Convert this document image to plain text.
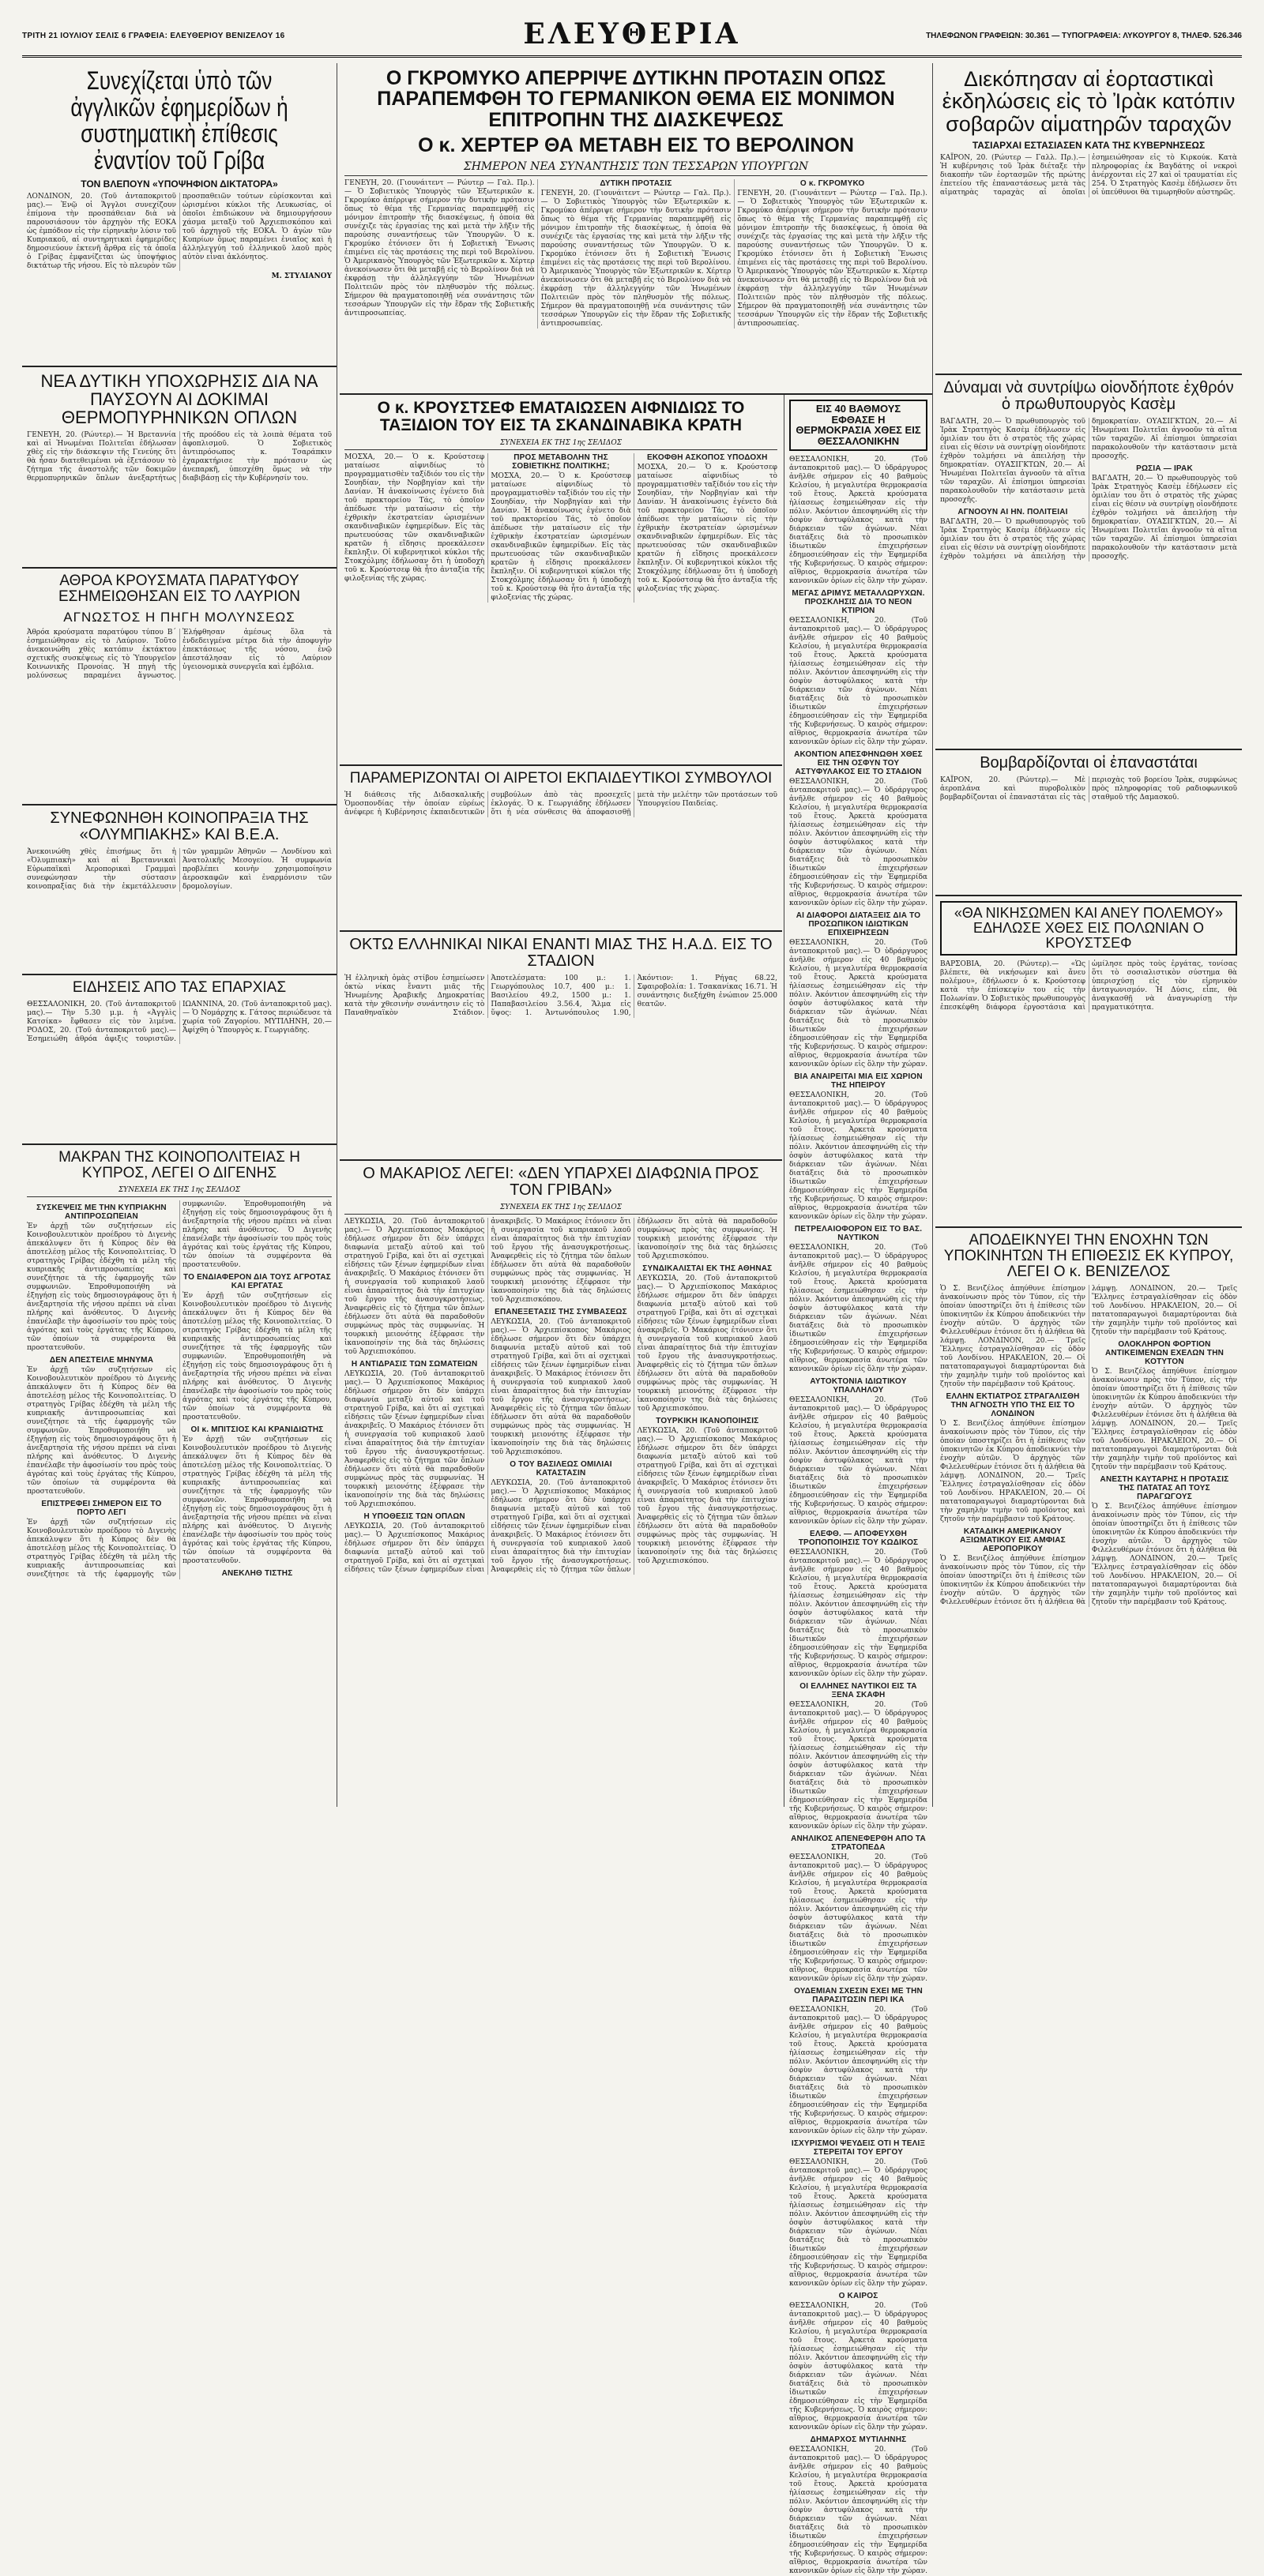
ΤΡΙΤΗ 21 ΙΟΥΛΙΟΥ ΣΕΛΙΣ 6 ΓΡΑΦΕΙΑ: ΕΛΕΥΘΕΡΙΟΥ ΒΕΝΙΖΕΛΟΥ 16	ΕΛΕΥΘΕΡΙΑ	ΤΗΛΕΦΩΝΟΝ ΓΡΑΦΕΙΩΝ: 30.361 — ΤΥΠΟΓΡΑΦΕΙΑ: ΛΥΚΟΥΡΓΟΥ 8, ΤΗΛΕΦ. 526.346
Συνεχίζεται ὑπὸ τῶν ἀγγλικῶν ἐφημερίδων ἡ συστηματικὴ ἐπίθεσις ἐναντίον τοῦ Γρίβα
ΤΟΝ ΒΛΕΠΟΥΝ «ΥΠΟΨΗΦΙΟΝ ΔΙΚΤΑΤΟΡΑ»
ΛΟΝΔΙΝΟΝ, 20. (Τοῦ ἀνταποκριτοῦ μας).— Ἐνῷ οἱ Ἄγγλοι συνεχίζουν ἐπίμονα τὴν προσπάθειαν διὰ νὰ παρουσιάσουν τὸν ἀρχηγὸν τῆς ΕΟΚΑ ὡς ἐμπόδιον εἰς τὴν εἰρηνικὴν λύσιν τοῦ Κυπριακοῦ, αἱ συντηρητικαὶ ἐφημερίδες δημοσιεύουν ἐκτενῆ ἄρθρα εἰς τὰ ὁποῖα ὁ Γρίβας ἐμφανίζεται ὡς ὑποψήφιος δικτάτωρ τῆς νήσου. Εἰς τὸ πλευρὸν τῶν προσπαθειῶν τούτων εὑρίσκονται καὶ ὡρισμένοι κύκλοι τῆς Λευκωσίας, οἱ ὁποῖοι ἐπιδιώκουν νὰ δημιουργήσουν χάσμα μεταξὺ τοῦ Ἀρχιεπισκόπου καὶ τοῦ ἀρχηγοῦ τῆς ΕΟΚΑ. Ὁ ἀγὼν τῶν Κυπρίων ὅμως παραμένει ἑνιαῖος καὶ ἡ ἀλληλεγγύη τοῦ ἑλληνικοῦ λαοῦ πρὸς αὐτὸν εἶναι ἀκλόνητος.
Μ. ΣΤΥΛΙΑΝΟΥ
ΝΕΑ ΔΥΤΙΚΗ ΥΠΟΧΩΡΗΣΙΣ ΔΙΑ ΝΑ ΠΑΥΣΟΥΝ ΑΙ ΔΟΚΙΜΑΙ ΘΕΡΜΟΠΥΡΗΝΙΚΩΝ ΟΠΛΩΝ
ΓΕΝΕΥΗ, 20. (Ρώυτερ).— Ἡ Βρεταννία καὶ αἱ Ἡνωμέναι Πολιτεῖαι ἐδήλωσαν χθὲς εἰς τὴν διάσκεψιν τῆς Γενεύης ὅτι θὰ ἦσαν διατεθειμέναι νὰ ἐξετάσουν τὸ ζήτημα τῆς ἀναστολῆς τῶν δοκιμῶν θερμοπυρηνικῶν ὅπλων ἀνεξαρτήτως τῆς προόδου εἰς τὰ λοιπὰ θέματα τοῦ ἀφοπλισμοῦ. Ὁ Σοβιετικὸς ἀντιπρόσωπος κ. Τσαράπκιν ἐχαρακτήρισε τὴν πρότασιν ὡς ἀνεπαρκῆ, ὑπεσχέθη ὅμως νὰ τὴν διαβιβάσῃ εἰς τὴν Κυβέρνησίν του.
ΑΘΡΟΑ ΚΡΟΥΣΜΑΤΑ ΠΑΡΑΤΥΦΟΥ ΕΣΗΜΕΙΩΘΗΣΑΝ ΕΙΣ ΤΟ ΛΑΥΡΙΟΝ
ΑΓΝΩΣΤΟΣ Η ΠΗΓΗ ΜΟΛΥΝΣΕΩΣ
Ἀθρόα κρούσματα παρατύφου τύπου Β΄ ἐσημειώθησαν εἰς τὸ Λαύριον. Τοῦτο ἀνεκοινώθη χθὲς κατόπιν ἐκτάκτου σχετικῆς συσκέψεως εἰς τὸ Ὑπουργεῖον Κοινωνικῆς Προνοίας. Ἡ πηγὴ τῆς μολύνσεως παραμένει ἄγνωστος. Ἐλήφθησαν ἀμέσως ὅλα τὰ ἐνδεδειγμένα μέτρα διὰ τὴν ἀποφυγὴν ἐπεκτάσεως τῆς νόσου, ἐνῷ ἀπεστάλησαν εἰς τὸ Λαύριον ὑγειονομικὰ συνεργεῖα καὶ ἐμβόλια.
ΣΥΝΕΦΩΝΗΘΗ ΚΟΙΝΟΠΡΑΞΙΑ ΤΗΣ «ΟΛΥΜΠΙΑΚΗΣ» ΚΑΙ Β.Ε.Α.
Ἀνεκοινώθη χθὲς ἐπισήμως ὅτι ἡ «Ὀλυμπιακὴ» καὶ αἱ Βρεταννικαὶ Εὐρωπαϊκαὶ Ἀεροπορικαὶ Γραμμαὶ συνεφώνησαν τὴν σύστασιν κοινοπραξίας διὰ τὴν ἐκμετάλλευσιν τῶν γραμμῶν Ἀθηνῶν — Λονδίνου καὶ Ἀνατολικῆς Μεσογείου. Ἡ συμφωνία προβλέπει κοινὴν χρησιμοποίησιν ἀεροσκαφῶν καὶ ἐναρμόνισιν τῶν δρομολογίων.
ΕΙΔΗΣΕΙΣ ΑΠΟ ΤΑΣ ΕΠΑΡΧΙΑΣ
ΘΕΣΣΑΛΟΝΙΚΗ, 20. (Τοῦ ἀνταποκριτοῦ μας).— Τὴν 5.30 μ.μ. ἡ «Ἀγγλὶς Κατσίκα» ἔφθασεν εἰς τὸν λιμένα. ΡΟΔΟΣ, 20. (Τοῦ ἀνταποκριτοῦ μας).— Ἐσημειώθη ἀθρόα ἀφιξις τουριστῶν. ΙΩΑΝΝΙΝΑ, 20. (Τοῦ ἀνταποκριτοῦ μας).— Ὁ Νομάρχης κ. Γάτσος περιώδευσε τὰ χωρία τοῦ Ζαγορίου. ΜΥΤΙΛΗΝΗ, 20.— Ἀφίχθη ὁ Ὑπουργὸς κ. Γεωργιάδης.
ΜΑΚΡΑΝ ΤΗΣ ΚΟΙΝΟΠΟΛΙΤΕΙΑΣ Η ΚΥΠΡΟΣ, ΛΕΓΕΙ Ο ΔΙΓΕΝΗΣ
ΣΥΝΕΧΕΙΑ ΕΚ ΤΗΣ 1ης ΣΕΛΙΔΟΣ
ΣΥΣΚΕΨΕΙΣ ΜΕ ΤΗΝ ΚΥΠΡΙΑΚΗΝ ΑΝΤΙΠΡΟΣΩΠΕΙΑΝ
Ἐν ἀρχῇ τῶν συζητήσεων εἰς Κοινοβουλευτικὸν προέδρου τὸ Διγενὴς ἀπεκάλυψεν ὅτι ἡ Κύπρος δὲν θὰ ἀποτελέσῃ μέλος τῆς Κοινοπολιτείας. Ὁ στρατηγὸς Γρίβας ἐδέχθη τὰ μέλη τῆς κυπριακῆς ἀντιπροσωπείας καὶ συνεζήτησε τὰ τῆς ἐφαρμογῆς τῶν συμφωνιῶν. Ἐπροθυμοποιήθη νὰ ἐξηγήσῃ εἰς τοὺς δημοσιογράφους ὅτι ἡ ἀνεξαρτησία τῆς νήσου πρέπει νὰ εἶναι πλήρης καὶ ἀνόθευτος. Ὁ Διγενὴς ἐπανέλαβε τὴν ἀφοσίωσίν του πρὸς τοὺς ἀγρότας καὶ τοὺς ἐργάτας τῆς Κύπρου, τῶν ὁποίων τὰ συμφέροντα θὰ προστατευθοῦν.
ΔΕΝ ΑΠΕΣΤΕΙΛΕ ΜΗΝΥΜΑ
Ἐν ἀρχῇ τῶν συζητήσεων εἰς Κοινοβουλευτικὸν προέδρου τὸ Διγενὴς ἀπεκάλυψεν ὅτι ἡ Κύπρος δὲν θὰ ἀποτελέσῃ μέλος τῆς Κοινοπολιτείας. Ὁ στρατηγὸς Γρίβας ἐδέχθη τὰ μέλη τῆς κυπριακῆς ἀντιπροσωπείας καὶ συνεζήτησε τὰ τῆς ἐφαρμογῆς τῶν συμφωνιῶν. Ἐπροθυμοποιήθη νὰ ἐξηγήσῃ εἰς τοὺς δημοσιογράφους ὅτι ἡ ἀνεξαρτησία τῆς νήσου πρέπει νὰ εἶναι πλήρης καὶ ἀνόθευτος. Ὁ Διγενὴς ἐπανέλαβε τὴν ἀφοσίωσίν του πρὸς τοὺς ἀγρότας καὶ τοὺς ἐργάτας τῆς Κύπρου, τῶν ὁποίων τὰ συμφέροντα θὰ προστατευθοῦν.
ΕΠΙΣΤΡΕΦΕΙ ΣΗΜΕΡΟΝ ΕΙΣ ΤΟ ΠΟΡΤΟ ΛΕΓΙ
Ἐν ἀρχῇ τῶν συζητήσεων εἰς Κοινοβουλευτικὸν προέδρου τὸ Διγενὴς ἀπεκάλυψεν ὅτι ἡ Κύπρος δὲν θὰ ἀποτελέσῃ μέλος τῆς Κοινοπολιτείας. Ὁ στρατηγὸς Γρίβας ἐδέχθη τὰ μέλη τῆς κυπριακῆς ἀντιπροσωπείας καὶ συνεζήτησε τὰ τῆς ἐφαρμογῆς τῶν συμφωνιῶν. Ἐπροθυμοποιήθη νὰ ἐξηγήσῃ εἰς τοὺς δημοσιογράφους ὅτι ἡ ἀνεξαρτησία τῆς νήσου πρέπει νὰ εἶναι πλήρης καὶ ἀνόθευτος. Ὁ Διγενὴς ἐπανέλαβε τὴν ἀφοσίωσίν του πρὸς τοὺς ἀγρότας καὶ τοὺς ἐργάτας τῆς Κύπρου, τῶν ὁποίων τὰ συμφέροντα θὰ προστατευθοῦν.
ΤΟ ΕΝΔΙΑΦΕΡΟΝ ΔΙΑ ΤΟΥΣ ΑΓΡΟΤΑΣ ΚΑΙ ΕΡΓΑΤΑΣ
Ἐν ἀρχῇ τῶν συζητήσεων εἰς Κοινοβουλευτικὸν προέδρου τὸ Διγενὴς ἀπεκάλυψεν ὅτι ἡ Κύπρος δὲν θὰ ἀποτελέσῃ μέλος τῆς Κοινοπολιτείας. Ὁ στρατηγὸς Γρίβας ἐδέχθη τὰ μέλη τῆς κυπριακῆς ἀντιπροσωπείας καὶ συνεζήτησε τὰ τῆς ἐφαρμογῆς τῶν συμφωνιῶν. Ἐπροθυμοποιήθη νὰ ἐξηγήσῃ εἰς τοὺς δημοσιογράφους ὅτι ἡ ἀνεξαρτησία τῆς νήσου πρέπει νὰ εἶναι πλήρης καὶ ἀνόθευτος. Ὁ Διγενὴς ἐπανέλαβε τὴν ἀφοσίωσίν του πρὸς τοὺς ἀγρότας καὶ τοὺς ἐργάτας τῆς Κύπρου, τῶν ὁποίων τὰ συμφέροντα θὰ προστατευθοῦν.
ΟΙ κ. ΜΠΙΤΣΙΟΣ ΚΑΙ ΚΡΑΝΙΔΙΩΤΗΣ
Ἐν ἀρχῇ τῶν συζητήσεων εἰς Κοινοβουλευτικὸν προέδρου τὸ Διγενὴς ἀπεκάλυψεν ὅτι ἡ Κύπρος δὲν θὰ ἀποτελέσῃ μέλος τῆς Κοινοπολιτείας. Ὁ στρατηγὸς Γρίβας ἐδέχθη τὰ μέλη τῆς κυπριακῆς ἀντιπροσωπείας καὶ συνεζήτησε τὰ τῆς ἐφαρμογῆς τῶν συμφωνιῶν. Ἐπροθυμοποιήθη νὰ ἐξηγήσῃ εἰς τοὺς δημοσιογράφους ὅτι ἡ ἀνεξαρτησία τῆς νήσου πρέπει νὰ εἶναι πλήρης καὶ ἀνόθευτος. Ὁ Διγενὴς ἐπανέλαβε τὴν ἀφοσίωσίν του πρὸς τοὺς ἀγρότας καὶ τοὺς ἐργάτας τῆς Κύπρου, τῶν ὁποίων τὰ συμφέροντα θὰ προστατευθοῦν.
ΑΝΕΚΛΗΘ ΤΙΣΤΗΣ
Ο ΓΚΡΟΜΥΚΟ ΑΠΕΡΡΙΨΕ ΔΥΤΙΚΗΝ ΠΡΟΤΑΣΙΝ ΟΠΩΣ ΠΑΡΑΠΕΜΦΘΗ ΤΟ ΓΕΡΜΑΝΙΚΟΝ ΘΕΜΑ ΕΙΣ ΜΟΝΙΜΟΝ ΕΠΙΤΡΟΠΗΝ ΤΗΣ ΔΙΑΣΚΕΨΕΩΣ
Ο κ. ΧΕΡΤΕΡ ΘΑ ΜΕΤΑΒΗ ΕΙΣ ΤΟ ΒΕΡΟΛΙΝΟΝ
ΣΗΜΕΡΟΝ ΝΕΑ ΣΥΝΑΝΤΗΣΙΣ ΤΩΝ ΤΕΣΣΑΡΩΝ ΥΠΟΥΡΓΩΝ
ΓΕΝΕΥΗ, 20. (Γιουνάιτεντ — Ρώυτερ — Γαλ. Πρ.).— Ὁ Σοβιετικὸς Ὑπουργὸς τῶν Ἐξωτερικῶν κ. Γκρομύκο ἀπέρριψε σήμερον τὴν δυτικὴν πρότασιν ὅπως τὸ θέμα τῆς Γερμανίας παραπεμφθῇ εἰς μόνιμον ἐπιτροπὴν τῆς διασκέψεως, ἡ ὁποία θὰ συνέχιζε τὰς ἐργασίας της καὶ μετὰ τὴν λῆξιν τῆς παρούσης συναντήσεως τῶν Ὑπουργῶν. Ὁ κ. Γκρομύκο ἐτόνισεν ὅτι ἡ Σοβιετικὴ Ἕνωσις ἐπιμένει εἰς τὰς προτάσεις της περὶ τοῦ Βερολίνου. Ὁ Ἀμερικανὸς Ὑπουργὸς τῶν Ἐξωτερικῶν κ. Χέρτερ ἀνεκοίνωσεν ὅτι θὰ μεταβῇ εἰς τὸ Βερολίνον διὰ νὰ ἐκφράσῃ τὴν ἀλληλεγγύην τῶν Ἡνωμένων Πολιτειῶν πρὸς τὸν πληθυσμὸν τῆς πόλεως. Σήμερον θὰ πραγματοποιηθῇ νέα συνάντησις τῶν τεσσάρων Ὑπουργῶν εἰς τὴν ἕδραν τῆς Σοβιετικῆς ἀντιπροσωπείας.
ΔΥΤΙΚΗ ΠΡΟΤΑΣΙΣ
ΓΕΝΕΥΗ, 20. (Γιουνάιτεντ — Ρώυτερ — Γαλ. Πρ.).— Ὁ Σοβιετικὸς Ὑπουργὸς τῶν Ἐξωτερικῶν κ. Γκρομύκο ἀπέρριψε σήμερον τὴν δυτικὴν πρότασιν ὅπως τὸ θέμα τῆς Γερμανίας παραπεμφθῇ εἰς μόνιμον ἐπιτροπὴν τῆς διασκέψεως, ἡ ὁποία θὰ συνέχιζε τὰς ἐργασίας της καὶ μετὰ τὴν λῆξιν τῆς παρούσης συναντήσεως τῶν Ὑπουργῶν. Ὁ κ. Γκρομύκο ἐτόνισεν ὅτι ἡ Σοβιετικὴ Ἕνωσις ἐπιμένει εἰς τὰς προτάσεις της περὶ τοῦ Βερολίνου. Ὁ Ἀμερικανὸς Ὑπουργὸς τῶν Ἐξωτερικῶν κ. Χέρτερ ἀνεκοίνωσεν ὅτι θὰ μεταβῇ εἰς τὸ Βερολίνον διὰ νὰ ἐκφράσῃ τὴν ἀλληλεγγύην τῶν Ἡνωμένων Πολιτειῶν πρὸς τὸν πληθυσμὸν τῆς πόλεως. Σήμερον θὰ πραγματοποιηθῇ νέα συνάντησις τῶν τεσσάρων Ὑπουργῶν εἰς τὴν ἕδραν τῆς Σοβιετικῆς ἀντιπροσωπείας.
Ο κ. ΓΚΡΟΜΥΚΟ
ΓΕΝΕΥΗ, 20. (Γιουνάιτεντ — Ρώυτερ — Γαλ. Πρ.).— Ὁ Σοβιετικὸς Ὑπουργὸς τῶν Ἐξωτερικῶν κ. Γκρομύκο ἀπέρριψε σήμερον τὴν δυτικὴν πρότασιν ὅπως τὸ θέμα τῆς Γερμανίας παραπεμφθῇ εἰς μόνιμον ἐπιτροπὴν τῆς διασκέψεως, ἡ ὁποία θὰ συνέχιζε τὰς ἐργασίας της καὶ μετὰ τὴν λῆξιν τῆς παρούσης συναντήσεως τῶν Ὑπουργῶν. Ὁ κ. Γκρομύκο ἐτόνισεν ὅτι ἡ Σοβιετικὴ Ἕνωσις ἐπιμένει εἰς τὰς προτάσεις της περὶ τοῦ Βερολίνου. Ὁ Ἀμερικανὸς Ὑπουργὸς τῶν Ἐξωτερικῶν κ. Χέρτερ ἀνεκοίνωσεν ὅτι θὰ μεταβῇ εἰς τὸ Βερολίνον διὰ νὰ ἐκφράσῃ τὴν ἀλληλεγγύην τῶν Ἡνωμένων Πολιτειῶν πρὸς τὸν πληθυσμὸν τῆς πόλεως. Σήμερον θὰ πραγματοποιηθῇ νέα συνάντησις τῶν τεσσάρων Ὑπουργῶν εἰς τὴν ἕδραν τῆς Σοβιετικῆς ἀντιπροσωπείας.
Ο κ. ΚΡΟΥΣΤΣΕΦ ΕΜΑΤΑΙΩΣΕΝ ΑΙΦΝΙΔΙΩΣ ΤΟ ΤΑΞΙΔΙΟΝ ΤΟΥ ΕΙΣ ΤΑ ΣΚΑΝΔΙΝΑΒΙΚΑ ΚΡΑΤΗ
ΣΥΝΕΧΕΙΑ ΕΚ ΤΗΣ 1ης ΣΕΛΙΔΟΣ
ΜΟΣΧΑ, 20.— Ὁ κ. Κρούστσεφ ματαίωσε αἰφνιδίως τὸ προγραμματισθὲν ταξίδιόν του εἰς τὴν Σουηδίαν, τὴν Νορβηγίαν καὶ τὴν Δανίαν. Ἡ ἀνακοίνωσις ἐγένετο διὰ τοῦ πρακτορείου Τάς, τὸ ὁποῖον ἀπέδωσε τὴν ματαίωσιν εἰς τὴν ἐχθρικὴν ἐκστρατείαν ὡρισμένων σκανδιναβικῶν ἐφημερίδων. Εἰς τὰς πρωτευούσας τῶν σκανδιναβικῶν κρατῶν ἡ εἴδησις προεκάλεσεν ἔκπληξιν. Οἱ κυβερνητικοὶ κύκλοι τῆς Στοκχόλμης ἐδήλωσαν ὅτι ἡ ὑποδοχὴ τοῦ κ. Κρούστσεφ θὰ ἦτο ἀνταξία τῆς φιλοξενίας τῆς χώρας.
ΠΡΟΣ ΜΕΤΑΒΟΛΗΝ ΤΗΣ ΣΟΒΙΕΤΙΚΗΣ ΠΟΛΙΤΙΚΗΣ;
ΜΟΣΧΑ, 20.— Ὁ κ. Κρούστσεφ ματαίωσε αἰφνιδίως τὸ προγραμματισθὲν ταξίδιόν του εἰς τὴν Σουηδίαν, τὴν Νορβηγίαν καὶ τὴν Δανίαν. Ἡ ἀνακοίνωσις ἐγένετο διὰ τοῦ πρακτορείου Τάς, τὸ ὁποῖον ἀπέδωσε τὴν ματαίωσιν εἰς τὴν ἐχθρικὴν ἐκστρατείαν ὡρισμένων σκανδιναβικῶν ἐφημερίδων. Εἰς τὰς πρωτευούσας τῶν σκανδιναβικῶν κρατῶν ἡ εἴδησις προεκάλεσεν ἔκπληξιν. Οἱ κυβερνητικοὶ κύκλοι τῆς Στοκχόλμης ἐδήλωσαν ὅτι ἡ ὑποδοχὴ τοῦ κ. Κρούστσεφ θὰ ἦτο ἀνταξία τῆς φιλοξενίας τῆς χώρας.
ΕΚΟΦΘΗ ΑΣΚΟΠΟΣ ΥΠΟΔΟΧΗ
ΜΟΣΧΑ, 20.— Ὁ κ. Κρούστσεφ ματαίωσε αἰφνιδίως τὸ προγραμματισθὲν ταξίδιόν του εἰς τὴν Σουηδίαν, τὴν Νορβηγίαν καὶ τὴν Δανίαν. Ἡ ἀνακοίνωσις ἐγένετο διὰ τοῦ πρακτορείου Τάς, τὸ ὁποῖον ἀπέδωσε τὴν ματαίωσιν εἰς τὴν ἐχθρικὴν ἐκστρατείαν ὡρισμένων σκανδιναβικῶν ἐφημερίδων. Εἰς τὰς πρωτευούσας τῶν σκανδιναβικῶν κρατῶν ἡ εἴδησις προεκάλεσεν ἔκπληξιν. Οἱ κυβερνητικοὶ κύκλοι τῆς Στοκχόλμης ἐδήλωσαν ὅτι ἡ ὑποδοχὴ τοῦ κ. Κρούστσεφ θὰ ἦτο ἀνταξία τῆς φιλοξενίας τῆς χώρας.
ΠΑΡΑΜΕΡΙΖΟΝΤΑΙ ΟΙ ΑΙΡΕΤΟΙ ΕΚΠΑΙΔΕΥΤΙΚΟΙ ΣΥΜΒΟΥΛΟΙ
Ἡ διάθεσις τῆς Διδασκαλικῆς Ὁμοσπονδίας τὴν ὁποίαν εὐρέως ἀνέφερε ἡ Κυβέρνησις ἐκπαιδευτικῶν συμβούλων ἀπὸ τὰς προσεχεῖς ἐκλογάς. Ὁ κ. Γεωργιάδης ἐδήλωσεν ὅτι ἡ νέα σύνθεσις θὰ ἀποφασισθῇ μετὰ τὴν μελέτην τῶν προτάσεων τοῦ Ὑπουργείου Παιδείας.
ΟΚΤΩ ΕΛΛΗΝΙΚΑΙ ΝΙΚΑΙ ΕΝΑΝΤΙ ΜΙΑΣ ΤΗΣ Η.Α.Δ. ΕΙΣ ΤΟ ΣΤΑΔΙΟΝ
Ἡ ἑλληνικὴ ὁμὰς στίβου ἐσημείωσεν ὀκτὼ νίκας ἔναντι μιᾶς τῆς Ἡνωμένης Ἀραβικῆς Δημοκρατίας κατὰ τὴν χθεσινὴν συνάντησιν εἰς τὸ Παναθηναϊκὸν Στάδιον. Ἀποτελέσματα: 100 μ.: 1. Γεωργόπουλος 10.7, 400 μ.: 1. Βασιλείου 49.2, 1500 μ.: 1. Παπαβασιλείου 3.56.4, Ἅλμα εἰς ὕψος: 1. Ἀντωνόπουλος 1.90, Ἀκόντιον: 1. Ρήγας 68.22, Σφαιροβολία: 1. Τσακανίκας 16.71. Ἡ συνάντησις διεξήχθη ἐνώπιον 25.000 θεατῶν.
Ο ΜΑΚΑΡΙΟΣ ΛΕΓΕΙ: «ΔΕΝ ΥΠΑΡΧΕΙ ΔΙΑΦΩΝΙΑ ΠΡΟΣ ΤΟΝ ΓΡΙΒΑΝ»
ΣΥΝΕΧΕΙΑ ΕΚ ΤΗΣ 1ης ΣΕΛΙΔΟΣ
ΛΕΥΚΩΣΙΑ, 20. (Τοῦ ἀνταποκριτοῦ μας).— Ὁ Ἀρχιεπίσκοπος Μακάριος ἐδήλωσε σήμερον ὅτι δὲν ὑπάρχει διαφωνία μεταξὺ αὐτοῦ καὶ τοῦ στρατηγοῦ Γρίβα, καὶ ὅτι αἱ σχετικαὶ εἰδήσεις τῶν ξένων ἐφημερίδων εἶναι ἀνακριβεῖς. Ὁ Μακάριος ἐτόνισεν ὅτι ἡ συνεργασία τοῦ κυπριακοῦ λαοῦ εἶναι ἀπαραίτητος διὰ τὴν ἐπιτυχίαν τοῦ ἔργου τῆς ἀνασυγκροτήσεως. Ἀναφερθεὶς εἰς τὸ ζήτημα τῶν ὅπλων ἐδήλωσεν ὅτι αὐτὰ θὰ παραδοθοῦν συμφώνως πρὸς τὰς συμφωνίας. Ἡ τουρκικὴ μειονότης ἐξέφρασε τὴν ἱκανοποίησίν της διὰ τὰς δηλώσεις τοῦ Ἀρχιεπισκόπου.
Η ΑΝΤΙΔΡΑΣΙΣ ΤΩΝ ΣΩΜΑΤΕΙΩΝ
ΛΕΥΚΩΣΙΑ, 20. (Τοῦ ἀνταποκριτοῦ μας).— Ὁ Ἀρχιεπίσκοπος Μακάριος ἐδήλωσε σήμερον ὅτι δὲν ὑπάρχει διαφωνία μεταξὺ αὐτοῦ καὶ τοῦ στρατηγοῦ Γρίβα, καὶ ὅτι αἱ σχετικαὶ εἰδήσεις τῶν ξένων ἐφημερίδων εἶναι ἀνακριβεῖς. Ὁ Μακάριος ἐτόνισεν ὅτι ἡ συνεργασία τοῦ κυπριακοῦ λαοῦ εἶναι ἀπαραίτητος διὰ τὴν ἐπιτυχίαν τοῦ ἔργου τῆς ἀνασυγκροτήσεως. Ἀναφερθεὶς εἰς τὸ ζήτημα τῶν ὅπλων ἐδήλωσεν ὅτι αὐτὰ θὰ παραδοθοῦν συμφώνως πρὸς τὰς συμφωνίας. Ἡ τουρκικὴ μειονότης ἐξέφρασε τὴν ἱκανοποίησίν της διὰ τὰς δηλώσεις τοῦ Ἀρχιεπισκόπου.
Η ΥΠΟΘΕΣΙΣ ΤΩΝ ΟΠΛΩΝ
ΛΕΥΚΩΣΙΑ, 20. (Τοῦ ἀνταποκριτοῦ μας).— Ὁ Ἀρχιεπίσκοπος Μακάριος ἐδήλωσε σήμερον ὅτι δὲν ὑπάρχει διαφωνία μεταξὺ αὐτοῦ καὶ τοῦ στρατηγοῦ Γρίβα, καὶ ὅτι αἱ σχετικαὶ εἰδήσεις τῶν ξένων ἐφημερίδων εἶναι ἀνακριβεῖς. Ὁ Μακάριος ἐτόνισεν ὅτι ἡ συνεργασία τοῦ κυπριακοῦ λαοῦ εἶναι ἀπαραίτητος διὰ τὴν ἐπιτυχίαν τοῦ ἔργου τῆς ἀνασυγκροτήσεως. Ἀναφερθεὶς εἰς τὸ ζήτημα τῶν ὅπλων ἐδήλωσεν ὅτι αὐτὰ θὰ παραδοθοῦν συμφώνως πρὸς τὰς συμφωνίας. Ἡ τουρκικὴ μειονότης ἐξέφρασε τὴν ἱκανοποίησίν της διὰ τὰς δηλώσεις τοῦ Ἀρχιεπισκόπου.
ΕΠΑΝΕΞΕΤΑΣΙΣ ΤΗΣ ΣΥΜΒΑΣΕΩΣ
ΛΕΥΚΩΣΙΑ, 20. (Τοῦ ἀνταποκριτοῦ μας).— Ὁ Ἀρχιεπίσκοπος Μακάριος ἐδήλωσε σήμερον ὅτι δὲν ὑπάρχει διαφωνία μεταξὺ αὐτοῦ καὶ τοῦ στρατηγοῦ Γρίβα, καὶ ὅτι αἱ σχετικαὶ εἰδήσεις τῶν ξένων ἐφημερίδων εἶναι ἀνακριβεῖς. Ὁ Μακάριος ἐτόνισεν ὅτι ἡ συνεργασία τοῦ κυπριακοῦ λαοῦ εἶναι ἀπαραίτητος διὰ τὴν ἐπιτυχίαν τοῦ ἔργου τῆς ἀνασυγκροτήσεως. Ἀναφερθεὶς εἰς τὸ ζήτημα τῶν ὅπλων ἐδήλωσεν ὅτι αὐτὰ θὰ παραδοθοῦν συμφώνως πρὸς τὰς συμφωνίας. Ἡ τουρκικὴ μειονότης ἐξέφρασε τὴν ἱκανοποίησίν της διὰ τὰς δηλώσεις τοῦ Ἀρχιεπισκόπου.
Ο ΤΟΥ ΒΑΣΙΛΕΩΣ ΟΜΙΛΙΑΙ ΚΑΤΑΣΤΑΣΙΝ
ΛΕΥΚΩΣΙΑ, 20. (Τοῦ ἀνταποκριτοῦ μας).— Ὁ Ἀρχιεπίσκοπος Μακάριος ἐδήλωσε σήμερον ὅτι δὲν ὑπάρχει διαφωνία μεταξὺ αὐτοῦ καὶ τοῦ στρατηγοῦ Γρίβα, καὶ ὅτι αἱ σχετικαὶ εἰδήσεις τῶν ξένων ἐφημερίδων εἶναι ἀνακριβεῖς. Ὁ Μακάριος ἐτόνισεν ὅτι ἡ συνεργασία τοῦ κυπριακοῦ λαοῦ εἶναι ἀπαραίτητος διὰ τὴν ἐπιτυχίαν τοῦ ἔργου τῆς ἀνασυγκροτήσεως. Ἀναφερθεὶς εἰς τὸ ζήτημα τῶν ὅπλων ἐδήλωσεν ὅτι αὐτὰ θὰ παραδοθοῦν συμφώνως πρὸς τὰς συμφωνίας. Ἡ τουρκικὴ μειονότης ἐξέφρασε τὴν ἱκανοποίησίν της διὰ τὰς δηλώσεις τοῦ Ἀρχιεπισκόπου.
ΣΥΝΔΙΚΑΛΙΣΤΑΙ ΕΚ ΤΗΣ ΑΘΗΝΑΣ
ΛΕΥΚΩΣΙΑ, 20. (Τοῦ ἀνταποκριτοῦ μας).— Ὁ Ἀρχιεπίσκοπος Μακάριος ἐδήλωσε σήμερον ὅτι δὲν ὑπάρχει διαφωνία μεταξὺ αὐτοῦ καὶ τοῦ στρατηγοῦ Γρίβα, καὶ ὅτι αἱ σχετικαὶ εἰδήσεις τῶν ξένων ἐφημερίδων εἶναι ἀνακριβεῖς. Ὁ Μακάριος ἐτόνισεν ὅτι ἡ συνεργασία τοῦ κυπριακοῦ λαοῦ εἶναι ἀπαραίτητος διὰ τὴν ἐπιτυχίαν τοῦ ἔργου τῆς ἀνασυγκροτήσεως. Ἀναφερθεὶς εἰς τὸ ζήτημα τῶν ὅπλων ἐδήλωσεν ὅτι αὐτὰ θὰ παραδοθοῦν συμφώνως πρὸς τὰς συμφωνίας. Ἡ τουρκικὴ μειονότης ἐξέφρασε τὴν ἱκανοποίησίν της διὰ τὰς δηλώσεις τοῦ Ἀρχιεπισκόπου.
ΤΟΥΡΚΙΚΗ ΙΚΑΝΟΠΟΙΗΣΙΣ
ΛΕΥΚΩΣΙΑ, 20. (Τοῦ ἀνταποκριτοῦ μας).— Ὁ Ἀρχιεπίσκοπος Μακάριος ἐδήλωσε σήμερον ὅτι δὲν ὑπάρχει διαφωνία μεταξὺ αὐτοῦ καὶ τοῦ στρατηγοῦ Γρίβα, καὶ ὅτι αἱ σχετικαὶ εἰδήσεις τῶν ξένων ἐφημερίδων εἶναι ἀνακριβεῖς. Ὁ Μακάριος ἐτόνισεν ὅτι ἡ συνεργασία τοῦ κυπριακοῦ λαοῦ εἶναι ἀπαραίτητος διὰ τὴν ἐπιτυχίαν τοῦ ἔργου τῆς ἀνασυγκροτήσεως. Ἀναφερθεὶς εἰς τὸ ζήτημα τῶν ὅπλων ἐδήλωσεν ὅτι αὐτὰ θὰ παραδοθοῦν συμφώνως πρὸς τὰς συμφωνίας. Ἡ τουρκικὴ μειονότης ἐξέφρασε τὴν ἱκανοποίησίν της διὰ τὰς δηλώσεις τοῦ Ἀρχιεπισκόπου.
ΕΙΣ 40 ΒΑΘΜΟΥΣ ΕΦΘΑΣΕ Η ΘΕΡΜΟΚΡΑΣΙΑ ΧΘΕΣ ΕΙΣ ΘΕΣΣΑΛΟΝΙΚΗΝ
ΘΕΣΣΑΛΟΝΙΚΗ, 20. (Τοῦ ἀνταποκριτοῦ μας).— Ὁ ὑδράργυρος ἀνῆλθε σήμερον εἰς 40 βαθμοὺς Κελσίου, ἡ μεγαλυτέρα θερμοκρασία τοῦ ἔτους. Ἀρκετὰ κρούσματα ἡλίασεως ἐσημειώθησαν εἰς τὴν πόλιν. Ἀκόντιον ἀπεσφηνώθη εἰς τὴν ὀσφὺν ἀστυφύλακος κατὰ τὴν διάρκειαν τῶν ἀγώνων. Νέαι διατάξεις διὰ τὸ προσωπικὸν ἰδιωτικῶν ἐπιχειρήσεων ἐδημοσιεύθησαν εἰς τὴν Ἐφημερίδα τῆς Κυβερνήσεως. Ὁ καιρὸς σήμερον: αἴθριος, θερμοκρασία ἀνωτέρα τῶν κανονικῶν ὁρίων εἰς ὅλην τὴν χώραν.
ΜΕΓΑΣ ΔΡΙΜΥΣ ΜΕΤΑΛΛΩΡΥΧΩΝ. ΠΡΟΣΚΛΗΣΙΣ ΔΙΑ ΤΟ ΝΕΟΝ ΚΤΙΡΙΟΝ
ΘΕΣΣΑΛΟΝΙΚΗ, 20. (Τοῦ ἀνταποκριτοῦ μας).— Ὁ ὑδράργυρος ἀνῆλθε σήμερον εἰς 40 βαθμοὺς Κελσίου, ἡ μεγαλυτέρα θερμοκρασία τοῦ ἔτους. Ἀρκετὰ κρούσματα ἡλίασεως ἐσημειώθησαν εἰς τὴν πόλιν. Ἀκόντιον ἀπεσφηνώθη εἰς τὴν ὀσφὺν ἀστυφύλακος κατὰ τὴν διάρκειαν τῶν ἀγώνων. Νέαι διατάξεις διὰ τὸ προσωπικὸν ἰδιωτικῶν ἐπιχειρήσεων ἐδημοσιεύθησαν εἰς τὴν Ἐφημερίδα τῆς Κυβερνήσεως. Ὁ καιρὸς σήμερον: αἴθριος, θερμοκρασία ἀνωτέρα τῶν κανονικῶν ὁρίων εἰς ὅλην τὴν χώραν.
ΑΚΟΝΤΙΟΝ ΑΠΕΣΦΗΝΩΘΗ ΧΘΕΣ ΕΙΣ ΤΗΝ ΟΣΦΥΝ ΤΟΥ ΑΣΤΥΦΥΛΑΚΟΣ ΕΙΣ ΤΟ ΣΤΑΔΙΟΝ
ΘΕΣΣΑΛΟΝΙΚΗ, 20. (Τοῦ ἀνταποκριτοῦ μας).— Ὁ ὑδράργυρος ἀνῆλθε σήμερον εἰς 40 βαθμοὺς Κελσίου, ἡ μεγαλυτέρα θερμοκρασία τοῦ ἔτους. Ἀρκετὰ κρούσματα ἡλίασεως ἐσημειώθησαν εἰς τὴν πόλιν. Ἀκόντιον ἀπεσφηνώθη εἰς τὴν ὀσφὺν ἀστυφύλακος κατὰ τὴν διάρκειαν τῶν ἀγώνων. Νέαι διατάξεις διὰ τὸ προσωπικὸν ἰδιωτικῶν ἐπιχειρήσεων ἐδημοσιεύθησαν εἰς τὴν Ἐφημερίδα τῆς Κυβερνήσεως. Ὁ καιρὸς σήμερον: αἴθριος, θερμοκρασία ἀνωτέρα τῶν κανονικῶν ὁρίων εἰς ὅλην τὴν χώραν.
ΑΙ ΔΙΑΦΟΡΟΙ ΔΙΑΤΑΞΕΙΣ ΔΙΑ ΤΟ ΠΡΟΣΩΠΙΚΟΝ ΙΔΙΩΤΙΚΩΝ ΕΠΙΧΕΙΡΗΣΕΩΝ
ΘΕΣΣΑΛΟΝΙΚΗ, 20. (Τοῦ ἀνταποκριτοῦ μας).— Ὁ ὑδράργυρος ἀνῆλθε σήμερον εἰς 40 βαθμοὺς Κελσίου, ἡ μεγαλυτέρα θερμοκρασία τοῦ ἔτους. Ἀρκετὰ κρούσματα ἡλίασεως ἐσημειώθησαν εἰς τὴν πόλιν. Ἀκόντιον ἀπεσφηνώθη εἰς τὴν ὀσφὺν ἀστυφύλακος κατὰ τὴν διάρκειαν τῶν ἀγώνων. Νέαι διατάξεις διὰ τὸ προσωπικὸν ἰδιωτικῶν ἐπιχειρήσεων ἐδημοσιεύθησαν εἰς τὴν Ἐφημερίδα τῆς Κυβερνήσεως. Ὁ καιρὸς σήμερον: αἴθριος, θερμοκρασία ἀνωτέρα τῶν κανονικῶν ὁρίων εἰς ὅλην τὴν χώραν.
ΒΙΑ ΑΝΑΙΡΕΙΤΑΙ ΜΙΑ ΕΙΣ ΧΩΡΙΟΝ ΤΗΣ ΗΠΕΙΡΟΥ
ΘΕΣΣΑΛΟΝΙΚΗ, 20. (Τοῦ ἀνταποκριτοῦ μας).— Ὁ ὑδράργυρος ἀνῆλθε σήμερον εἰς 40 βαθμοὺς Κελσίου, ἡ μεγαλυτέρα θερμοκρασία τοῦ ἔτους. Ἀρκετὰ κρούσματα ἡλίασεως ἐσημειώθησαν εἰς τὴν πόλιν. Ἀκόντιον ἀπεσφηνώθη εἰς τὴν ὀσφὺν ἀστυφύλακος κατὰ τὴν διάρκειαν τῶν ἀγώνων. Νέαι διατάξεις διὰ τὸ προσωπικὸν ἰδιωτικῶν ἐπιχειρήσεων ἐδημοσιεύθησαν εἰς τὴν Ἐφημερίδα τῆς Κυβερνήσεως. Ὁ καιρὸς σήμερον: αἴθριος, θερμοκρασία ἀνωτέρα τῶν κανονικῶν ὁρίων εἰς ὅλην τὴν χώραν.
ΠΕΤΡΕΛΑΙΟΦΟΡΟΝ ΕΙΣ ΤΟ ΒΑΣ. ΝΑΥΤΙΚΟΝ
ΘΕΣΣΑΛΟΝΙΚΗ, 20. (Τοῦ ἀνταποκριτοῦ μας).— Ὁ ὑδράργυρος ἀνῆλθε σήμερον εἰς 40 βαθμοὺς Κελσίου, ἡ μεγαλυτέρα θερμοκρασία τοῦ ἔτους. Ἀρκετὰ κρούσματα ἡλίασεως ἐσημειώθησαν εἰς τὴν πόλιν. Ἀκόντιον ἀπεσφηνώθη εἰς τὴν ὀσφὺν ἀστυφύλακος κατὰ τὴν διάρκειαν τῶν ἀγώνων. Νέαι διατάξεις διὰ τὸ προσωπικὸν ἰδιωτικῶν ἐπιχειρήσεων ἐδημοσιεύθησαν εἰς τὴν Ἐφημερίδα τῆς Κυβερνήσεως. Ὁ καιρὸς σήμερον: αἴθριος, θερμοκρασία ἀνωτέρα τῶν κανονικῶν ὁρίων εἰς ὅλην τὴν χώραν.
ΑΥΤΟΚΤΟΝΙΑ ΙΔΙΩΤΙΚΟΥ ΥΠΑΛΛΗΛΟΥ
ΘΕΣΣΑΛΟΝΙΚΗ, 20. (Τοῦ ἀνταποκριτοῦ μας).— Ὁ ὑδράργυρος ἀνῆλθε σήμερον εἰς 40 βαθμοὺς Κελσίου, ἡ μεγαλυτέρα θερμοκρασία τοῦ ἔτους. Ἀρκετὰ κρούσματα ἡλίασεως ἐσημειώθησαν εἰς τὴν πόλιν. Ἀκόντιον ἀπεσφηνώθη εἰς τὴν ὀσφὺν ἀστυφύλακος κατὰ τὴν διάρκειαν τῶν ἀγώνων. Νέαι διατάξεις διὰ τὸ προσωπικὸν ἰδιωτικῶν ἐπιχειρήσεων ἐδημοσιεύθησαν εἰς τὴν Ἐφημερίδα τῆς Κυβερνήσεως. Ὁ καιρὸς σήμερον: αἴθριος, θερμοκρασία ἀνωτέρα τῶν κανονικῶν ὁρίων εἰς ὅλην τὴν χώραν.
ΕΛΕΦΘ. — ΑΠΟΦΕΥΧΘΗ ΤΡΟΠΟΠΟΙΗΣΙΣ ΤΟΥ ΚΩΔΙΚΟΣ
ΘΕΣΣΑΛΟΝΙΚΗ, 20. (Τοῦ ἀνταποκριτοῦ μας).— Ὁ ὑδράργυρος ἀνῆλθε σήμερον εἰς 40 βαθμοὺς Κελσίου, ἡ μεγαλυτέρα θερμοκρασία τοῦ ἔτους. Ἀρκετὰ κρούσματα ἡλίασεως ἐσημειώθησαν εἰς τὴν πόλιν. Ἀκόντιον ἀπεσφηνώθη εἰς τὴν ὀσφὺν ἀστυφύλακος κατὰ τὴν διάρκειαν τῶν ἀγώνων. Νέαι διατάξεις διὰ τὸ προσωπικὸν ἰδιωτικῶν ἐπιχειρήσεων ἐδημοσιεύθησαν εἰς τὴν Ἐφημερίδα τῆς Κυβερνήσεως. Ὁ καιρὸς σήμερον: αἴθριος, θερμοκρασία ἀνωτέρα τῶν κανονικῶν ὁρίων εἰς ὅλην τὴν χώραν.
ΟΙ ΕΛΛΗΝΕΣ ΝΑΥΤΙΚΟΙ ΕΙΣ ΤΑ ΞΕΝΑ ΣΚΑΦΗ
ΘΕΣΣΑΛΟΝΙΚΗ, 20. (Τοῦ ἀνταποκριτοῦ μας).— Ὁ ὑδράργυρος ἀνῆλθε σήμερον εἰς 40 βαθμοὺς Κελσίου, ἡ μεγαλυτέρα θερμοκρασία τοῦ ἔτους. Ἀρκετὰ κρούσματα ἡλίασεως ἐσημειώθησαν εἰς τὴν πόλιν. Ἀκόντιον ἀπεσφηνώθη εἰς τὴν ὀσφὺν ἀστυφύλακος κατὰ τὴν διάρκειαν τῶν ἀγώνων. Νέαι διατάξεις διὰ τὸ προσωπικὸν ἰδιωτικῶν ἐπιχειρήσεων ἐδημοσιεύθησαν εἰς τὴν Ἐφημερίδα τῆς Κυβερνήσεως. Ὁ καιρὸς σήμερον: αἴθριος, θερμοκρασία ἀνωτέρα τῶν κανονικῶν ὁρίων εἰς ὅλην τὴν χώραν.
ΑΝΗΛΙΚΟΣ ΑΠΕΝΕΦΕΡΘΗ ΑΠΟ ΤΑ ΣΤΡΑΤΟΠΕΔΑ
ΘΕΣΣΑΛΟΝΙΚΗ, 20. (Τοῦ ἀνταποκριτοῦ μας).— Ὁ ὑδράργυρος ἀνῆλθε σήμερον εἰς 40 βαθμοὺς Κελσίου, ἡ μεγαλυτέρα θερμοκρασία τοῦ ἔτους. Ἀρκετὰ κρούσματα ἡλίασεως ἐσημειώθησαν εἰς τὴν πόλιν. Ἀκόντιον ἀπεσφηνώθη εἰς τὴν ὀσφὺν ἀστυφύλακος κατὰ τὴν διάρκειαν τῶν ἀγώνων. Νέαι διατάξεις διὰ τὸ προσωπικὸν ἰδιωτικῶν ἐπιχειρήσεων ἐδημοσιεύθησαν εἰς τὴν Ἐφημερίδα τῆς Κυβερνήσεως. Ὁ καιρὸς σήμερον: αἴθριος, θερμοκρασία ἀνωτέρα τῶν κανονικῶν ὁρίων εἰς ὅλην τὴν χώραν.
ΟΥΔΕΜΙΑΝ ΣΧΕΣΙΝ ΕΧΕΙ ΜΕ ΤΗΝ ΠΑΡΑΣΙΤΩΣΙΝ ΠΕΡΙ ΙΚΑ
ΘΕΣΣΑΛΟΝΙΚΗ, 20. (Τοῦ ἀνταποκριτοῦ μας).— Ὁ ὑδράργυρος ἀνῆλθε σήμερον εἰς 40 βαθμοὺς Κελσίου, ἡ μεγαλυτέρα θερμοκρασία τοῦ ἔτους. Ἀρκετὰ κρούσματα ἡλίασεως ἐσημειώθησαν εἰς τὴν πόλιν. Ἀκόντιον ἀπεσφηνώθη εἰς τὴν ὀσφὺν ἀστυφύλακος κατὰ τὴν διάρκειαν τῶν ἀγώνων. Νέαι διατάξεις διὰ τὸ προσωπικὸν ἰδιωτικῶν ἐπιχειρήσεων ἐδημοσιεύθησαν εἰς τὴν Ἐφημερίδα τῆς Κυβερνήσεως. Ὁ καιρὸς σήμερον: αἴθριος, θερμοκρασία ἀνωτέρα τῶν κανονικῶν ὁρίων εἰς ὅλην τὴν χώραν.
ΙΣΧΥΡΙΣΜΟΙ ΨΕΥΔΕΙΣ ΟΤΙ Η ΤΕΛΙΞ ΣΤΕΡΕΙΤΑΙ ΤΟΥ ΕΡΓΟΥ
ΘΕΣΣΑΛΟΝΙΚΗ, 20. (Τοῦ ἀνταποκριτοῦ μας).— Ὁ ὑδράργυρος ἀνῆλθε σήμερον εἰς 40 βαθμοὺς Κελσίου, ἡ μεγαλυτέρα θερμοκρασία τοῦ ἔτους. Ἀρκετὰ κρούσματα ἡλίασεως ἐσημειώθησαν εἰς τὴν πόλιν. Ἀκόντιον ἀπεσφηνώθη εἰς τὴν ὀσφὺν ἀστυφύλακος κατὰ τὴν διάρκειαν τῶν ἀγώνων. Νέαι διατάξεις διὰ τὸ προσωπικὸν ἰδιωτικῶν ἐπιχειρήσεων ἐδημοσιεύθησαν εἰς τὴν Ἐφημερίδα τῆς Κυβερνήσεως. Ὁ καιρὸς σήμερον: αἴθριος, θερμοκρασία ἀνωτέρα τῶν κανονικῶν ὁρίων εἰς ὅλην τὴν χώραν.
Ο ΚΑΙΡΟΣ
ΘΕΣΣΑΛΟΝΙΚΗ, 20. (Τοῦ ἀνταποκριτοῦ μας).— Ὁ ὑδράργυρος ἀνῆλθε σήμερον εἰς 40 βαθμοὺς Κελσίου, ἡ μεγαλυτέρα θερμοκρασία τοῦ ἔτους. Ἀρκετὰ κρούσματα ἡλίασεως ἐσημειώθησαν εἰς τὴν πόλιν. Ἀκόντιον ἀπεσφηνώθη εἰς τὴν ὀσφὺν ἀστυφύλακος κατὰ τὴν διάρκειαν τῶν ἀγώνων. Νέαι διατάξεις διὰ τὸ προσωπικὸν ἰδιωτικῶν ἐπιχειρήσεων ἐδημοσιεύθησαν εἰς τὴν Ἐφημερίδα τῆς Κυβερνήσεως. Ὁ καιρὸς σήμερον: αἴθριος, θερμοκρασία ἀνωτέρα τῶν κανονικῶν ὁρίων εἰς ὅλην τὴν χώραν.
ΔΗΜΑΡΧΟΣ ΜΥΤΙΛΗΝΗΣ
ΘΕΣΣΑΛΟΝΙΚΗ, 20. (Τοῦ ἀνταποκριτοῦ μας).— Ὁ ὑδράργυρος ἀνῆλθε σήμερον εἰς 40 βαθμοὺς Κελσίου, ἡ μεγαλυτέρα θερμοκρασία τοῦ ἔτους. Ἀρκετὰ κρούσματα ἡλίασεως ἐσημειώθησαν εἰς τὴν πόλιν. Ἀκόντιον ἀπεσφηνώθη εἰς τὴν ὀσφὺν ἀστυφύλακος κατὰ τὴν διάρκειαν τῶν ἀγώνων. Νέαι διατάξεις διὰ τὸ προσωπικὸν ἰδιωτικῶν ἐπιχειρήσεων ἐδημοσιεύθησαν εἰς τὴν Ἐφημερίδα τῆς Κυβερνήσεως. Ὁ καιρὸς σήμερον: αἴθριος, θερμοκρασία ἀνωτέρα τῶν κανονικῶν ὁρίων εἰς ὅλην τὴν χώραν.
Διεκόπησαν αἱ ἑορταστικαὶ ἐκδηλώσεις εἰς τὸ Ἰρὰκ κατόπιν σοβαρῶν αἱματηρῶν ταραχῶν
ΤΑΣΙΑΡΧΑΙ ΕΣΤΑΣΙΑΣΕΝ ΚΑΤΑ ΤΗΣ ΚΥΒΕΡΝΗΣΕΩΣ
ΚΑΪΡΟΝ, 20. (Ρώυτερ — Γαλλ. Πρ.).— Ἡ κυβέρνησις τοῦ Ἰρὰκ διέταξε τὴν διακοπὴν τῶν ἑορτασμῶν τῆς πρώτης ἐπετείου τῆς ἐπαναστάσεως μετὰ τὰς αἱματηρὰς ταραχὰς αἱ ὁποῖαι ἐσημειώθησαν εἰς τὸ Κιρκούκ. Κατὰ πληροφορίας ἐκ Βαγδάτης οἱ νεκροὶ ἀνέρχονται εἰς 27 καὶ οἱ τραυματίαι εἰς 254. Ὁ Στρατηγὸς Κασὲμ ἐδήλωσεν ὅτι οἱ ὑπεύθυνοι θὰ τιμωρηθοῦν αὐστηρῶς.
Δύναμαι νὰ συντρίψω οἱονδήποτε ἐχθρόν ὁ πρωθυπουργὸς Κασὲμ
ΒΑΓΔΑΤΗ, 20.— Ὁ πρωθυπουργὸς τοῦ Ἰρὰκ Στρατηγὸς Κασὲμ ἐδήλωσεν εἰς ὁμιλίαν του ὅτι ὁ στρατὸς τῆς χώρας εἶναι εἰς θέσιν νὰ συντρίψῃ οἱονδήποτε ἐχθρὸν τολμήσει νὰ ἀπειλήσῃ τὴν δημοκρατίαν. ΟΥΑΣΙΓΚΤΩΝ, 20.— Αἱ Ἡνωμέναι Πολιτεῖαι ἀγνοοῦν τὰ αἴτια τῶν ταραχῶν. Αἱ ἐπίσημοι ὑπηρεσίαι παρακολουθοῦν τὴν κατάστασιν μετὰ προσοχῆς.
ΑΓΝΟΟΥΝ ΑΙ ΗΝ. ΠΟΛΙΤΕΙΑΙ
ΒΑΓΔΑΤΗ, 20.— Ὁ πρωθυπουργὸς τοῦ Ἰρὰκ Στρατηγὸς Κασὲμ ἐδήλωσεν εἰς ὁμιλίαν του ὅτι ὁ στρατὸς τῆς χώρας εἶναι εἰς θέσιν νὰ συντρίψῃ οἱονδήποτε ἐχθρὸν τολμήσει νὰ ἀπειλήσῃ τὴν δημοκρατίαν. ΟΥΑΣΙΓΚΤΩΝ, 20.— Αἱ Ἡνωμέναι Πολιτεῖαι ἀγνοοῦν τὰ αἴτια τῶν ταραχῶν. Αἱ ἐπίσημοι ὑπηρεσίαι παρακολουθοῦν τὴν κατάστασιν μετὰ προσοχῆς.
ΡΩΣΙΑ — ΙΡΑΚ
ΒΑΓΔΑΤΗ, 20.— Ὁ πρωθυπουργὸς τοῦ Ἰρὰκ Στρατηγὸς Κασὲμ ἐδήλωσεν εἰς ὁμιλίαν του ὅτι ὁ στρατὸς τῆς χώρας εἶναι εἰς θέσιν νὰ συντρίψῃ οἱονδήποτε ἐχθρὸν τολμήσει νὰ ἀπειλήσῃ τὴν δημοκρατίαν. ΟΥΑΣΙΓΚΤΩΝ, 20.— Αἱ Ἡνωμέναι Πολιτεῖαι ἀγνοοῦν τὰ αἴτια τῶν ταραχῶν. Αἱ ἐπίσημοι ὑπηρεσίαι παρακολουθοῦν τὴν κατάστασιν μετὰ προσοχῆς.
Βομβαρδίζονται οἱ ἐπαναστάται
ΚΑΪΡΟΝ, 20. (Ρώυτερ).— Μὲ ἀεροπλάνα καὶ πυροβολικὸν βομβαρδίζονται οἱ ἐπαναστάται εἰς τὰς περιοχὰς τοῦ βορείου Ἰρὰκ, συμφώνως πρὸς πληροφορίας τοῦ ραδιοφωνικοῦ σταθμοῦ τῆς Δαμασκοῦ.
«ΘΑ ΝΙΚΗΣΩΜΕΝ ΚΑΙ ΑΝΕΥ ΠΟΛΕΜΟΥ» ΕΔΗΛΩΣΕ ΧΘΕΣ ΕΙΣ ΠΟΛΩΝΙΑΝ Ο ΚΡΟΥΣΤΣΕΦ
ΒΑΡΣΟΒΙΑ, 20. (Ρώυτερ).— «Ὡς βλέπετε, θὰ νικήσωμεν καὶ ἄνευ πολέμου», ἐδήλωσεν ὁ κ. Κρούστσεφ κατὰ τὴν ἐπίσκεψίν του εἰς τὴν Πολωνίαν. Ὁ Σοβιετικὸς πρωθυπουργὸς ἐπεσκέφθη διάφορα ἐργοστάσια καὶ ὡμίλησε πρὸς τοὺς ἐργάτας, τονίσας ὅτι τὸ σοσιαλιστικὸν σύστημα θὰ ὑπερισχύσῃ εἰς τὸν εἰρηνικὸν ἀνταγωνισμόν. Ἡ Δύσις, εἶπε, θὰ ἀναγκασθῇ νὰ ἀναγνωρίσῃ τὴν πραγματικότητα.
ΑΠΟΔΕΙΚΝΥΕΙ ΤΗΝ ΕΝΟΧΗΝ ΤΩΝ ΥΠΟΚΙΝΗΤΩΝ ΤΗ ΕΠΙΘΕΣΙΣ ΕΚ ΚΥΠΡΟΥ, ΛΕΓΕΙ Ο κ. ΒΕΝΙΖΕΛΟΣ
Ὁ Σ. Βενιζέλος ἀπηύθυνε ἐπίσημον ἀνακοίνωσιν πρὸς τὸν Τύπον, εἰς τὴν ὁποίαν ὑποστηρίζει ὅτι ἡ ἐπίθεσις τῶν ὑποκινητῶν ἐκ Κύπρου ἀποδεικνύει τὴν ἐνοχὴν αὐτῶν. Ὁ ἀρχηγὸς τῶν Φιλελευθέρων ἐτόνισε ὅτι ἡ ἀλήθεια θὰ λάμψῃ. ΛΟΝΔΙΝΟΝ, 20.— Τρεῖς Ἕλληνες ἐστραγαλίσθησαν εἰς ὁδὸν τοῦ Λονδίνου. ΗΡΑΚΛΕΙΟΝ, 20.— Οἱ πατατοπαραγωγοὶ διαμαρτύρονται διὰ τὴν χαμηλὴν τιμὴν τοῦ προϊόντος καὶ ζητοῦν τὴν παρέμβασιν τοῦ Κράτους.
ΕΛΛΗΝ ΕΚΤΙΑΤΡΟΣ ΣΤΡΑΓΑΛΙΣΘΗ ΤΗΝ ΑΓΝΟΣΤΗ ΥΠΟ ΤΗΣ ΕΙΣ ΤΟ ΛΟΝΔΙΝΟΝ
Ὁ Σ. Βενιζέλος ἀπηύθυνε ἐπίσημον ἀνακοίνωσιν πρὸς τὸν Τύπον, εἰς τὴν ὁποίαν ὑποστηρίζει ὅτι ἡ ἐπίθεσις τῶν ὑποκινητῶν ἐκ Κύπρου ἀποδεικνύει τὴν ἐνοχὴν αὐτῶν. Ὁ ἀρχηγὸς τῶν Φιλελευθέρων ἐτόνισε ὅτι ἡ ἀλήθεια θὰ λάμψῃ. ΛΟΝΔΙΝΟΝ, 20.— Τρεῖς Ἕλληνες ἐστραγαλίσθησαν εἰς ὁδὸν τοῦ Λονδίνου. ΗΡΑΚΛΕΙΟΝ, 20.— Οἱ πατατοπαραγωγοὶ διαμαρτύρονται διὰ τὴν χαμηλὴν τιμὴν τοῦ προϊόντος καὶ ζητοῦν τὴν παρέμβασιν τοῦ Κράτους.
ΚΑΤΑΔΙΚΗ ΑΜΕΡΙΚΑΝΟΥ ΑΞΙΩΜΑΤΙΚΟΥ ΕΙΣ ΑΜΦΙΑΣ ΑΕΡΟΠΟΡΙΚΟΥ
Ὁ Σ. Βενιζέλος ἀπηύθυνε ἐπίσημον ἀνακοίνωσιν πρὸς τὸν Τύπον, εἰς τὴν ὁποίαν ὑποστηρίζει ὅτι ἡ ἐπίθεσις τῶν ὑποκινητῶν ἐκ Κύπρου ἀποδεικνύει τὴν ἐνοχὴν αὐτῶν. Ὁ ἀρχηγὸς τῶν Φιλελευθέρων ἐτόνισε ὅτι ἡ ἀλήθεια θὰ λάμψῃ. ΛΟΝΔΙΝΟΝ, 20.— Τρεῖς Ἕλληνες ἐστραγαλίσθησαν εἰς ὁδὸν τοῦ Λονδίνου. ΗΡΑΚΛΕΙΟΝ, 20.— Οἱ πατατοπαραγωγοὶ διαμαρτύρονται διὰ τὴν χαμηλὴν τιμὴν τοῦ προϊόντος καὶ ζητοῦν τὴν παρέμβασιν τοῦ Κράτους.
ΟΛΟΚΛΗΡΟΝ ΦΟΡΤΙΟΝ ΑΝΤΙΚΕΙΜΕΝΩΝ ΕΧΕΛΩΝ ΤΗΝ ΚΟΤΥΤΟΝ
Ὁ Σ. Βενιζέλος ἀπηύθυνε ἐπίσημον ἀνακοίνωσιν πρὸς τὸν Τύπον, εἰς τὴν ὁποίαν ὑποστηρίζει ὅτι ἡ ἐπίθεσις τῶν ὑποκινητῶν ἐκ Κύπρου ἀποδεικνύει τὴν ἐνοχὴν αὐτῶν. Ὁ ἀρχηγὸς τῶν Φιλελευθέρων ἐτόνισε ὅτι ἡ ἀλήθεια θὰ λάμψῃ. ΛΟΝΔΙΝΟΝ, 20.— Τρεῖς Ἕλληνες ἐστραγαλίσθησαν εἰς ὁδὸν τοῦ Λονδίνου. ΗΡΑΚΛΕΙΟΝ, 20.— Οἱ πατατοπαραγωγοὶ διαμαρτύρονται διὰ τὴν χαμηλὴν τιμὴν τοῦ προϊόντος καὶ ζητοῦν τὴν παρέμβασιν τοῦ Κράτους.
ΑΝΕΣΤΗ ΚΑΥΤΑΡΗΣ Η ΠΡΟΤΑΣΙΣ ΤΗΣ ΠΑΤΑΤΑΣ ΑΠ ΤΟΥΣ ΠΑΡΑΓΩΓΟΥΣ
Ὁ Σ. Βενιζέλος ἀπηύθυνε ἐπίσημον ἀνακοίνωσιν πρὸς τὸν Τύπον, εἰς τὴν ὁποίαν ὑποστηρίζει ὅτι ἡ ἐπίθεσις τῶν ὑποκινητῶν ἐκ Κύπρου ἀποδεικνύει τὴν ἐνοχὴν αὐτῶν. Ὁ ἀρχηγὸς τῶν Φιλελευθέρων ἐτόνισε ὅτι ἡ ἀλήθεια θὰ λάμψῃ. ΛΟΝΔΙΝΟΝ, 20.— Τρεῖς Ἕλληνες ἐστραγαλίσθησαν εἰς ὁδὸν τοῦ Λονδίνου. ΗΡΑΚΛΕΙΟΝ, 20.— Οἱ πατατοπαραγωγοὶ διαμαρτύρονται διὰ τὴν χαμηλὴν τιμὴν τοῦ προϊόντος καὶ ζητοῦν τὴν παρέμβασιν τοῦ Κράτους.
